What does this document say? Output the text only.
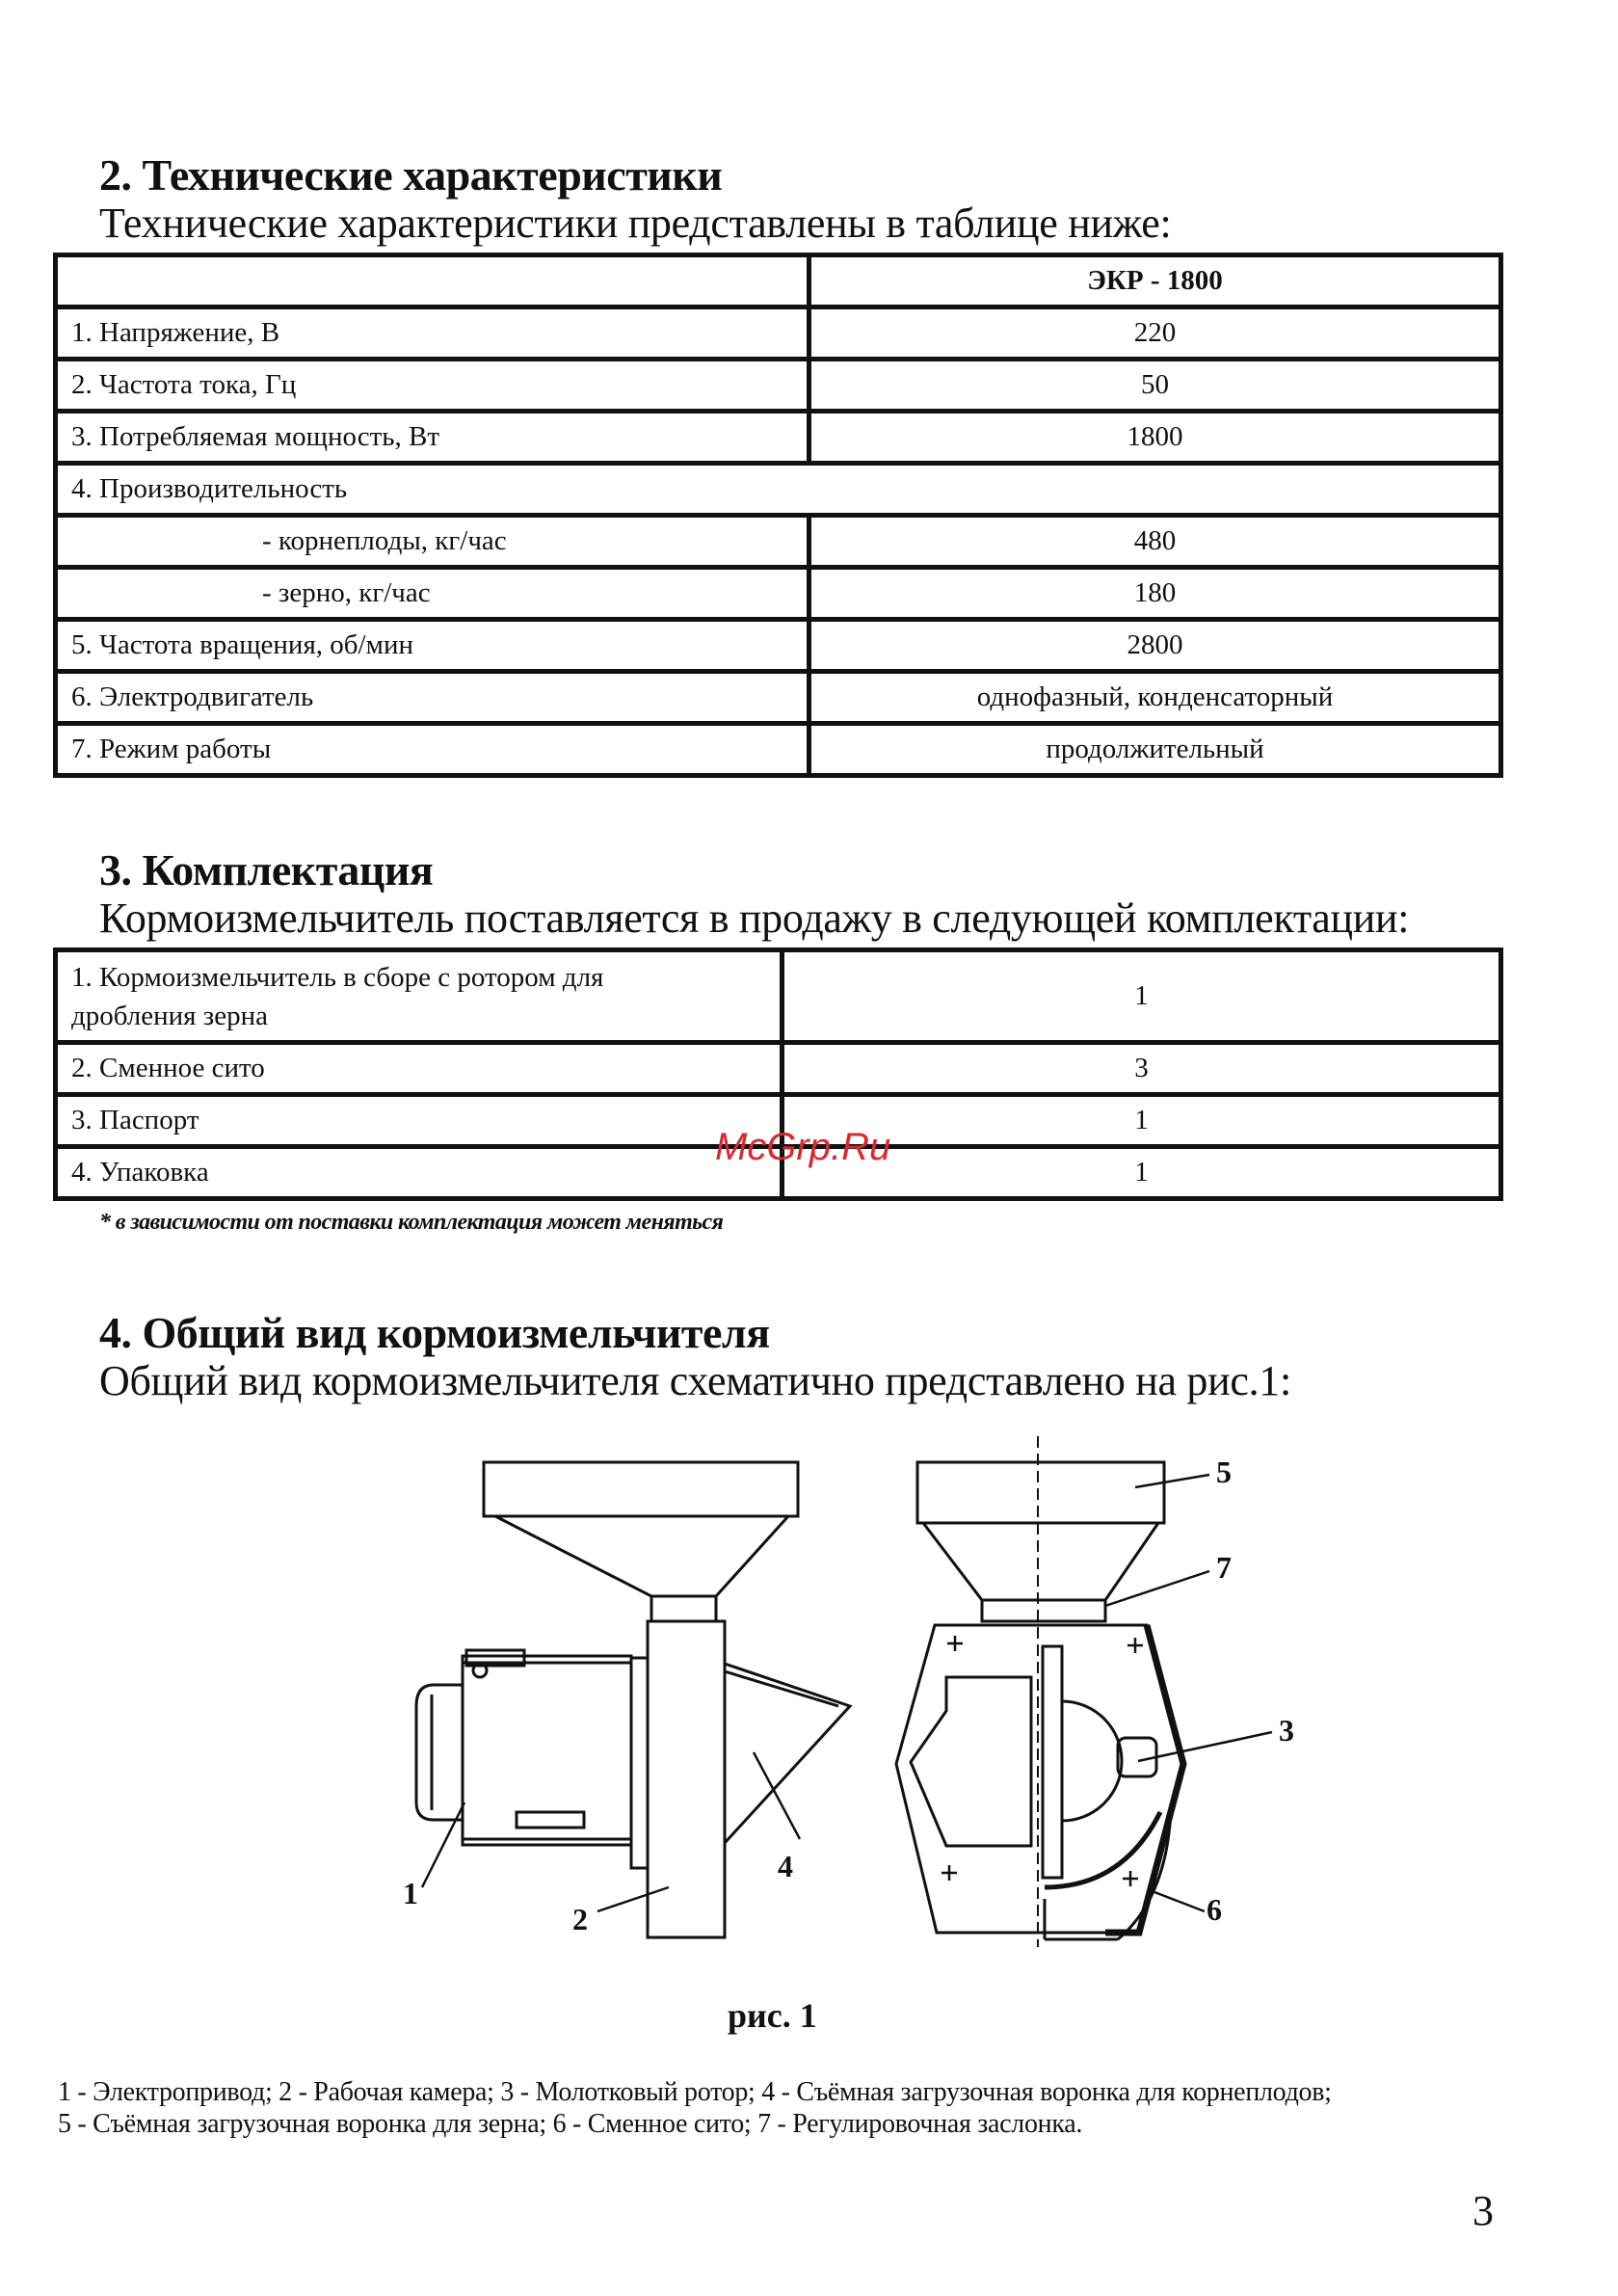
2. Технические характеристики

Технические характеристики представлены в таблице ниже:

	ЭКР - 1800
1. Напряжение, В	220
2. Частота тока, Гц	50
3. Потребляемая мощность, Вт	1800
4. Производительность	
- корнеплоды, кг/час	480
- зерно, кг/час	180
5. Частота вращения, об/мин	2800
6. Электродвигатель	однофазный, конденсаторный
7. Режим работы	продолжительный
3. Комплектация

Кормоизмельчитель поставляется в продажу в следующей комплектации:

1. Кормоизмельчитель в сборе с ротором для
дробления зерна	1
2. Сменное сито	3
3. Паспорт	1
4. Упаковка	1
McGrp.Ru
* в зависимости от поставки комплектация может меняться
4. Общий вид кормоизмельчителя

Общий вид кормоизмельчителя схематично представлено на рис.1:

1
2
3
4
5
6
7
рис. 1
1 - Электропривод; 2 - Рабочая камера; 3 - Молотковый ротор; 4 - Съёмная загрузочная воронка для корнеплодов;
5 - Съёмная загрузочная воронка для зерна; 6 - Сменное сито; 7 - Регулировочная заслонка.
3
